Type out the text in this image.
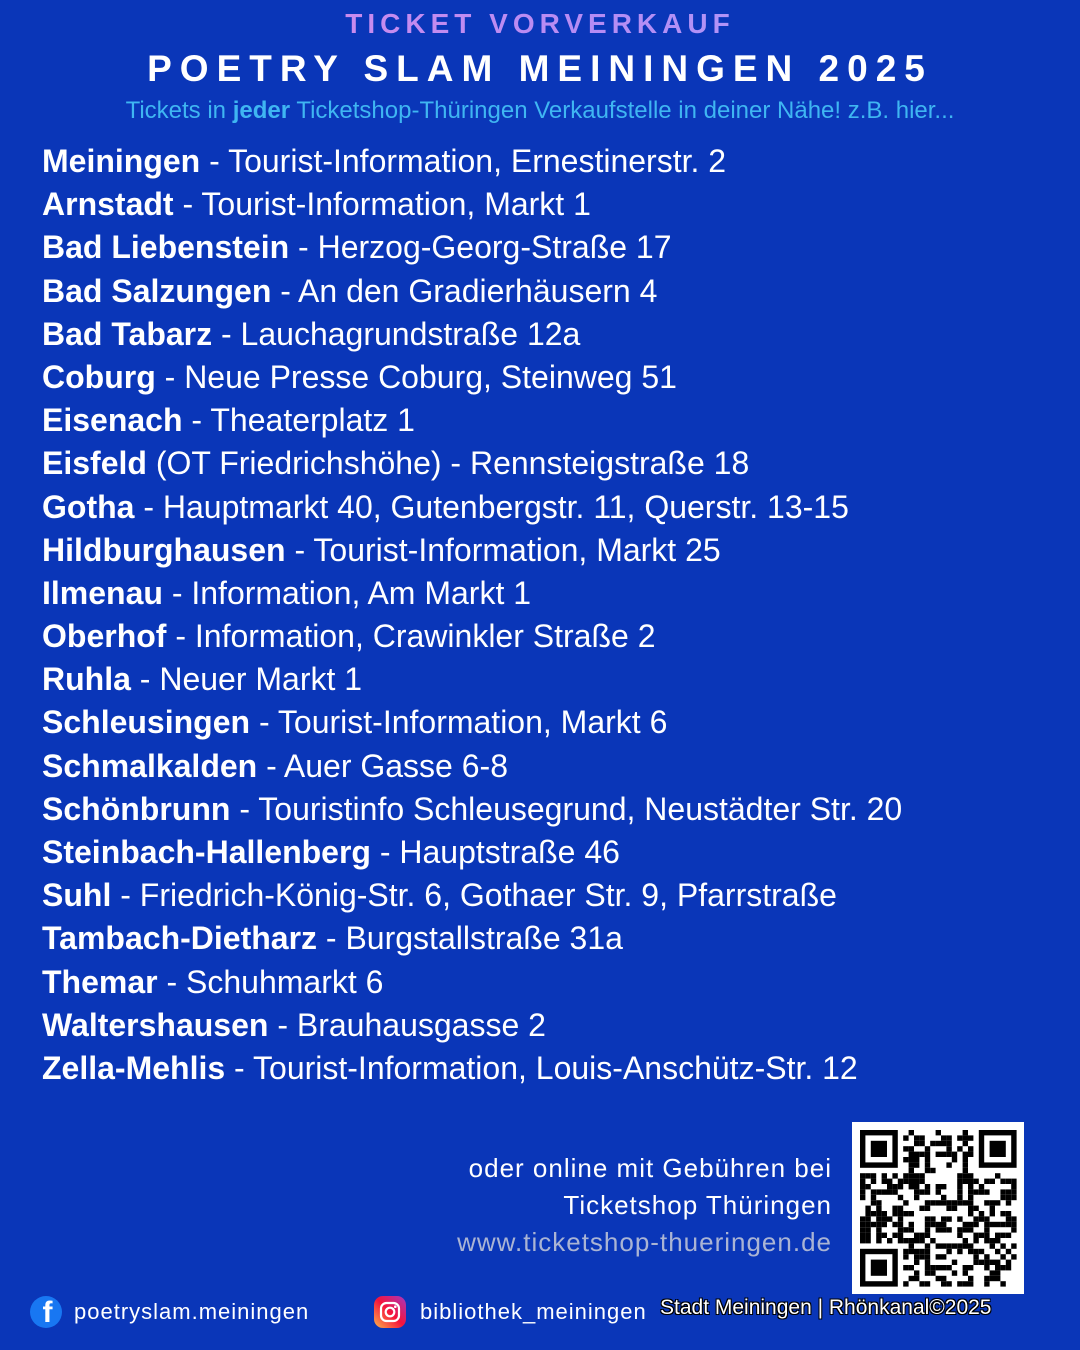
TICKET VORVERKAUF
POETRY SLAM MEININGEN 2025
Tickets in jeder Ticketshop-Thüringen Verkaufstelle in deiner Nähe! z.B. hier...
Meiningen - Tourist-Information, Ernestinerstr. 2
Arnstadt - Tourist-Information, Markt 1
Bad Liebenstein - Herzog-Georg-Straße 17
Bad Salzungen - An den Gradierhäusern 4
Bad Tabarz - Lauchagrundstraße 12a
Coburg - Neue Presse Coburg, Steinweg 51
Eisenach - Theaterplatz 1
Eisfeld (OT Friedrichshöhe) - Rennsteigstraße 18
Gotha - Hauptmarkt 40, Gutenbergstr. 11, Querstr. 13-15
Hildburghausen - Tourist-Information, Markt 25
Ilmenau - Information, Am Markt 1
Oberhof - Information, Crawinkler Straße 2
Ruhla - Neuer Markt 1
Schleusingen - Tourist-Information, Markt 6
Schmalkalden - Auer Gasse 6-8
Schönbrunn - Touristinfo Schleusegrund, Neustädter Str. 20
Steinbach-Hallenberg - Hauptstraße 46
Suhl - Friedrich-König-Str. 6, Gothaer Str. 9, Pfarrstraße
Tambach-Dietharz - Burgstallstraße 31a
Themar - Schuhmarkt 6
Waltershausen - Brauhausgasse 2
Zella-Mehlis - Tourist-Information, Louis-Anschütz-Str. 12
oder online mit Gebühren bei
Ticketshop Thüringen
www.ticketshop-thueringen.de
f poetryslam.meiningen	bibliothek_meiningen Stadt Meiningen | Rhönkanal©2025
